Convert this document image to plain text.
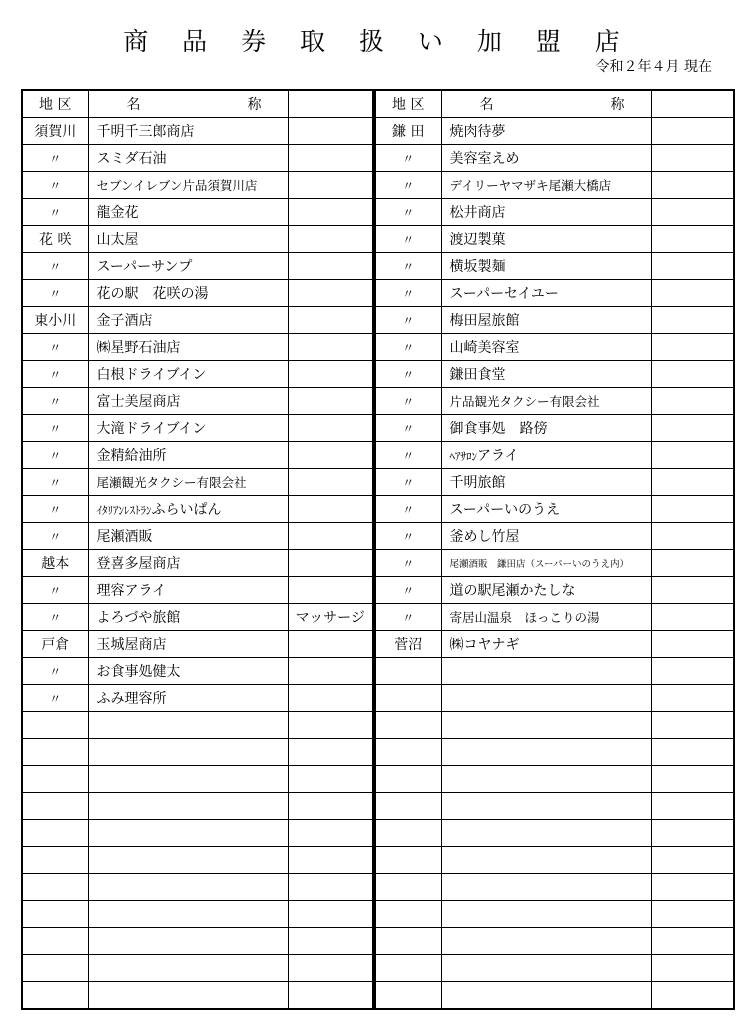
商 品 券 取 扱 い 加 盟 店
令和２年４月 現在
地 区	名 称	

須賀川	千明千三郎商店	
〃	スミダ石油	
〃	セブンイレブン片品須賀川店	
〃	龍金花	
花 咲	山太屋	
〃	スーパーサンプ	
〃	花の駅　花咲の湯	
東小川	金子酒店	
〃	㈱星野石油店	
〃	白根ドライブイン	
〃	富士美屋商店	
〃	大滝ドライブイン	
〃	金精給油所	
〃	尾瀬観光タクシー有限会社	
〃	ｲﾀﾘｱﾝﾚｽﾄﾗﾝふらいぱん	
〃	尾瀬酒販	
越本	登喜多屋商店	
〃	理容アライ	
〃	よろづや旅館	マッサージ
戸倉	玉城屋商店	
〃	お食事処健太	
〃	ふみ理容所	

地 区	名 称	

鎌 田	焼肉待夢	
〃	美容室えめ	
〃	デイリーヤマザキ尾瀬大橋店	
〃	松井商店	
〃	渡辺製菓	
〃	横坂製麺	
〃	スーパーセイユー	
〃	梅田屋旅館	
〃	山崎美容室	
〃	鎌田食堂	
〃	片品観光タクシー有限会社	
〃	御食事処　路傍	
〃	ﾍｱｻﾛﾝアライ	
〃	千明旅館	
〃	スーパーいのうえ	
〃	釜めし竹屋	
〃	尾瀬酒販　鎌田店（スーパーいのうえ内）	
〃	道の駅尾瀬かたしな	
〃	寄居山温泉　ほっこりの湯	
菅沼	㈱コヤナギ	
